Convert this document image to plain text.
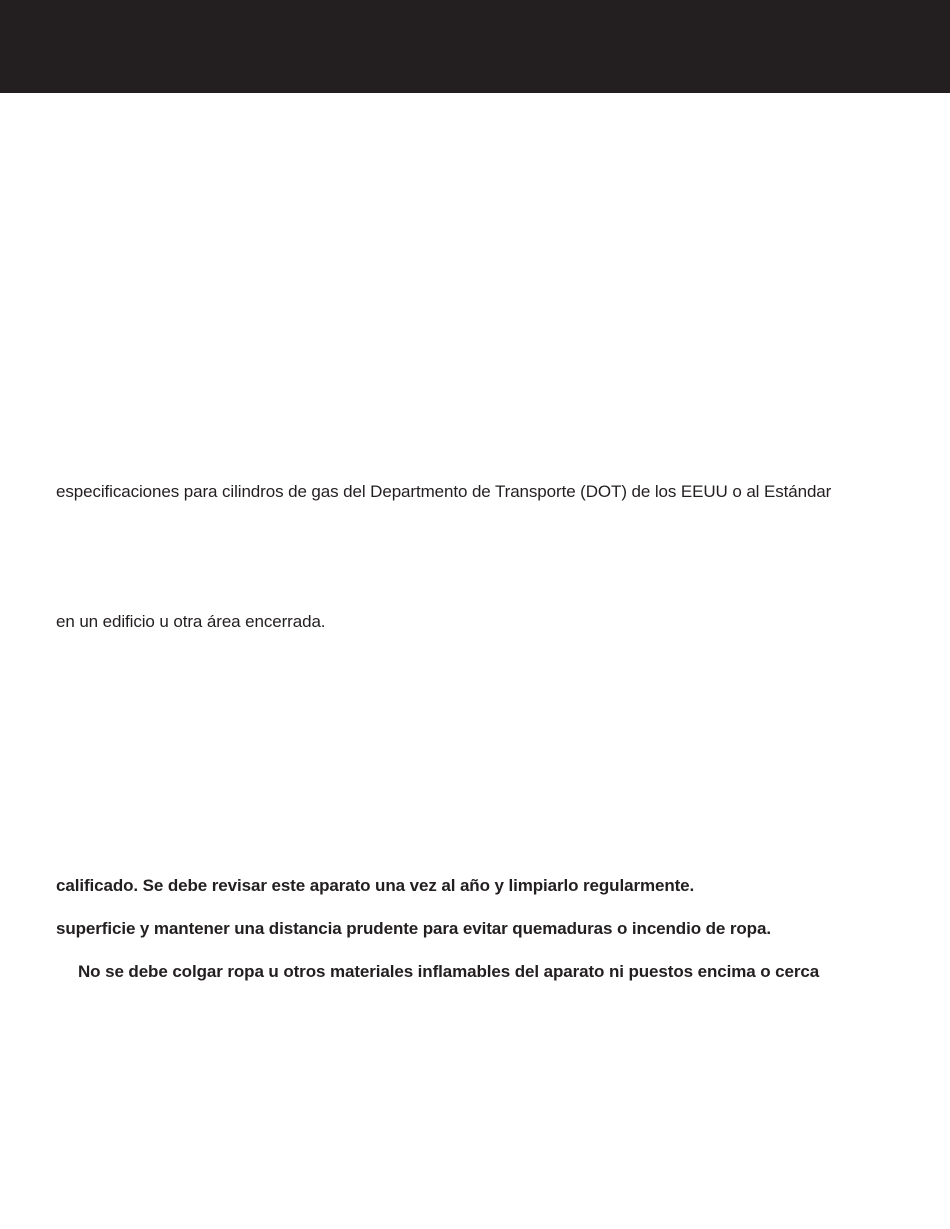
especificaciones para cilindros de gas del Departmento de Transporte (DOT) de los EEUU o al Estándar
en un edificio u otra área encerrada.
calificado. Se debe revisar este aparato una vez al año y limpiarlo regularmente.
superficie y mantener una distancia prudente para evitar quemaduras o incendio de ropa.
No se debe colgar ropa u otros materiales inflamables del aparato ni puestos encima o cerca
